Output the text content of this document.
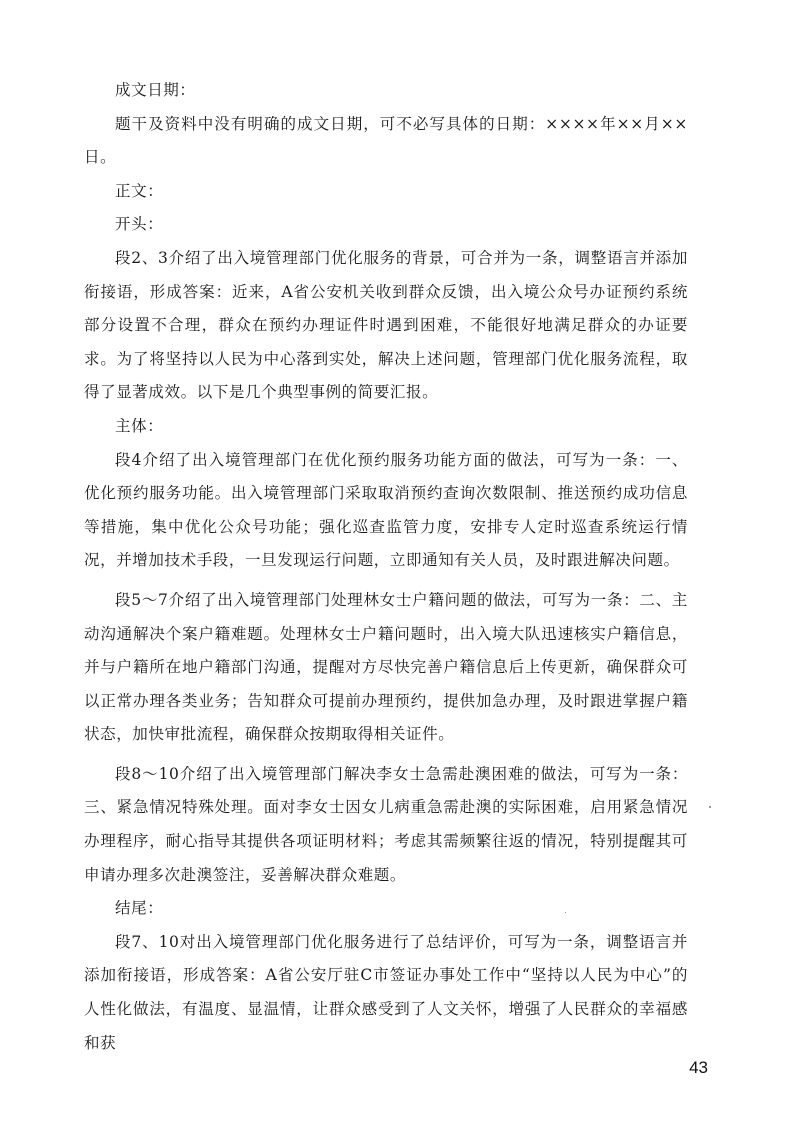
成文日期：

题干及资料中没有明确的成文日期，可不必写具体的日期：××××年××月××日。

正文：

开头：

段2、3介绍了出入境管理部门优化服务的背景，可合并为一条，调整语言并添加衔接语，形成答案：近来，A省公安机关收到群众反馈，出入境公众号办证预约系统部分设置不合理，群众在预约办理证件时遇到困难，不能很好地满足群众的办证要求。为了将坚持以人民为中心落到实处，解决上述问题，管理部门优化服务流程，取得了显著成效。以下是几个典型事例的简要汇报。

主体：

段4介绍了出入境管理部门在优化预约服务功能方面的做法，可写为一条：一、优化预约服务功能。出入境管理部门采取取消预约查询次数限制、推送预约成功信息等措施，集中优化公众号功能；强化巡查监管力度，安排专人定时巡查系统运行情况，并增加技术手段，一旦发现运行问题，立即通知有关人员，及时跟进解决问题。

段5～7介绍了出入境管理部门处理林女士户籍问题的做法，可写为一条：二、主动沟通解决个案户籍难题。处理林女士户籍问题时，出入境大队迅速核实户籍信息，并与户籍所在地户籍部门沟通，提醒对方尽快完善户籍信息后上传更新，确保群众可以正常办理各类业务；告知群众可提前办理预约，提供加急办理，及时跟进掌握户籍状态，加快审批流程，确保群众按期取得相关证件。

段8～10介绍了出入境管理部门解决李女士急需赴澳困难的做法，可写为一条：三、紧急情况特殊处理。面对李女士因女儿病重急需赴澳的实际困难，启用紧急情况办理程序，耐心指导其提供各项证明材料；考虑其需频繁往返的情况，特别提醒其可申请办理多次赴澳签注，妥善解决群众难题。

结尾：

段7、10对出入境管理部门优化服务进行了总结评价，可写为一条，调整语言并添加衔接语，形成答案：A省公安厅驻C市签证办事处工作中“坚持以人民为中心”的人性化做法，有温度、显温情，让群众感受到了人文关怀，增强了人民群众的幸福感和获

43
